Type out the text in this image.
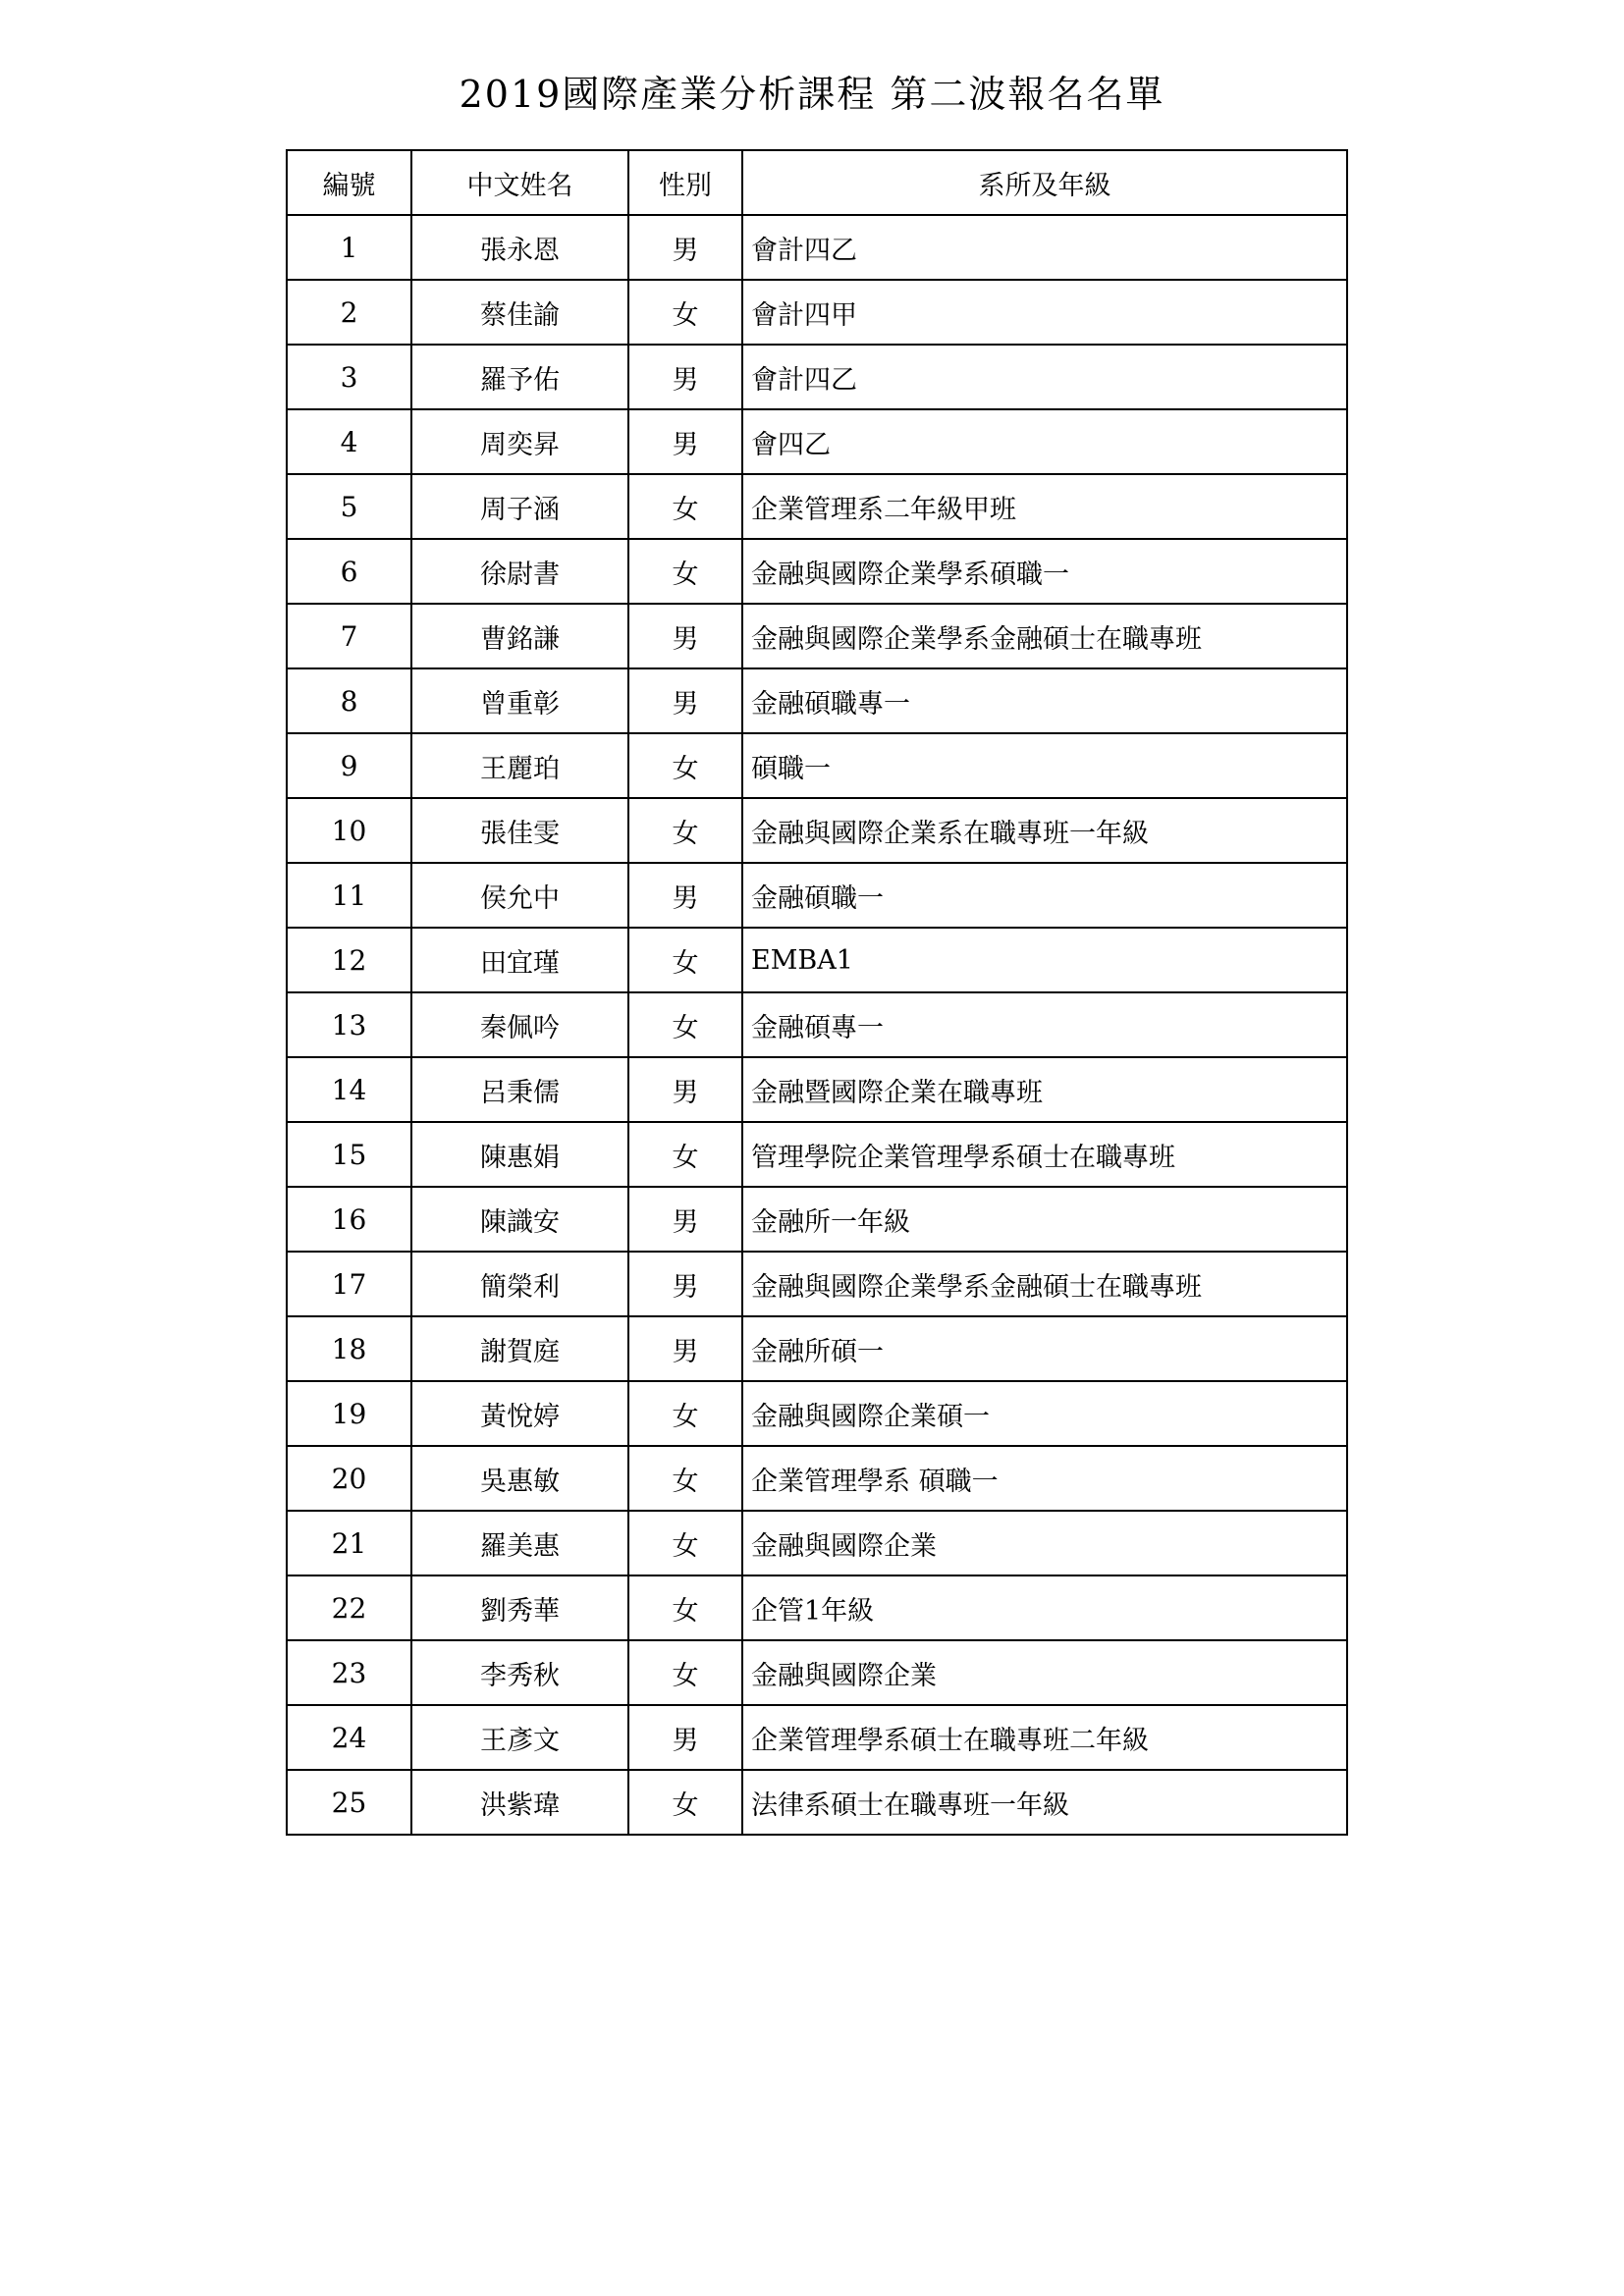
2019國際產業分析課程 第二波報名名單
編號	中文姓名	性別	系所及年級
1	張永恩	男	會計四乙
2	蔡佳諭	女	會計四甲
3	羅予佑	男	會計四乙
4	周奕昇	男	會四乙
5	周子涵	女	企業管理系二年級甲班
6	徐尉書	女	金融與國際企業學系碩職一
7	曹銘謙	男	金融與國際企業學系金融碩士在職專班
8	曾重彰	男	金融碩職專一
9	王麗珀	女	碩職一
10	張佳雯	女	金融與國際企業系在職專班一年級
11	侯允中	男	金融碩職一
12	田宜瑾	女	EMBA1
13	秦佩吟	女	金融碩專一
14	呂秉儒	男	金融暨國際企業在職專班
15	陳惠娟	女	管理學院企業管理學系碩士在職專班
16	陳識安	男	金融所一年級
17	簡榮利	男	金融與國際企業學系金融碩士在職專班
18	謝賀庭	男	金融所碩一
19	黃悅婷	女	金融與國際企業碩一
20	吳惠敏	女	企業管理學系 碩職一
21	羅美惠	女	金融與國際企業
22	劉秀華	女	企管1年級
23	李秀秋	女	金融與國際企業
24	王彥文	男	企業管理學系碩士在職專班二年級
25	洪紫瑋	女	法律系碩士在職專班一年級
